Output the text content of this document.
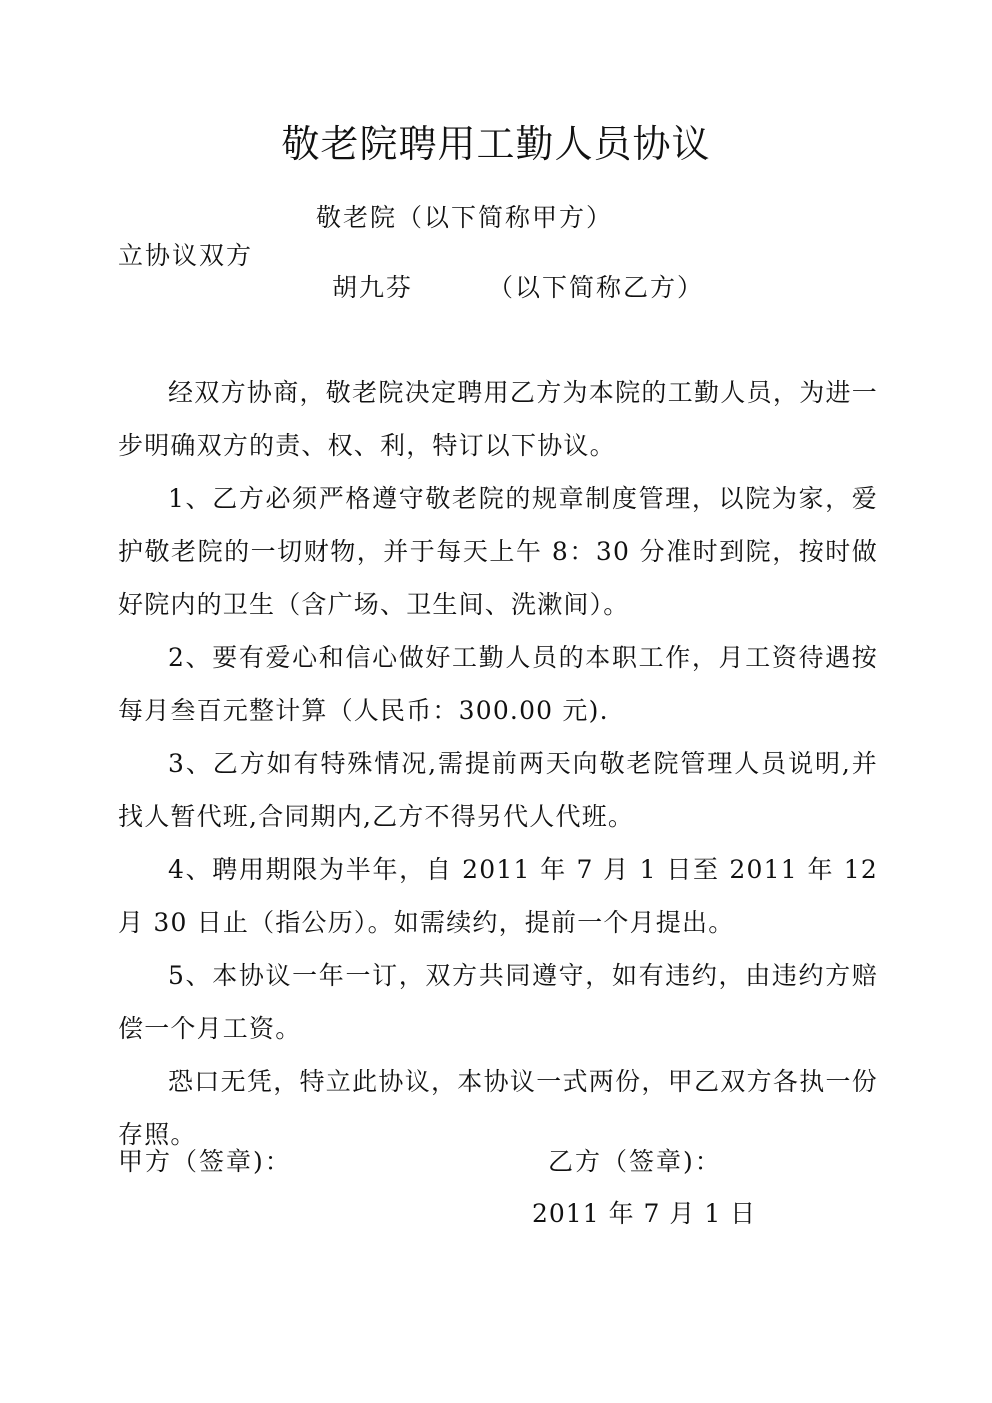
敬老院聘用工勤人员协议
敬老院（以下简称甲方）
立协议双方
胡九芬	（以下简称乙方）

经双方协商，敬老院决定聘用乙方为本院的工勤人员，为进一步明确双方的责、权、利，特订以下协议。

1、乙方必须严格遵守敬老院的规章制度管理，以院为家，爱护敬老院的一切财物，并于每天上午 8：30 分准时到院，按时做好院内的卫生（含广场、卫生间、洗漱间）。

2、要有爱心和信心做好工勤人员的本职工作，月工资待遇按每月叁百元整计算（人民币：300.00 元).

3、乙方如有特殊情况,需提前两天向敬老院管理人员说明,并找人暂代班,合同期内,乙方不得另代人代班。

4、聘用期限为半年，自 2011 年 7 月 1 日至 2011 年 12 月 30 日止（指公历）。如需续约，提前一个月提出。

5、本协议一年一订，双方共同遵守，如有违约，由违约方赔偿一个月工资。

恐口无凭，特立此协议，本协议一式两份，甲乙双方各执一份存照。

甲方（签章)：	乙方（签章)：
2011 年 7 月 1 日
